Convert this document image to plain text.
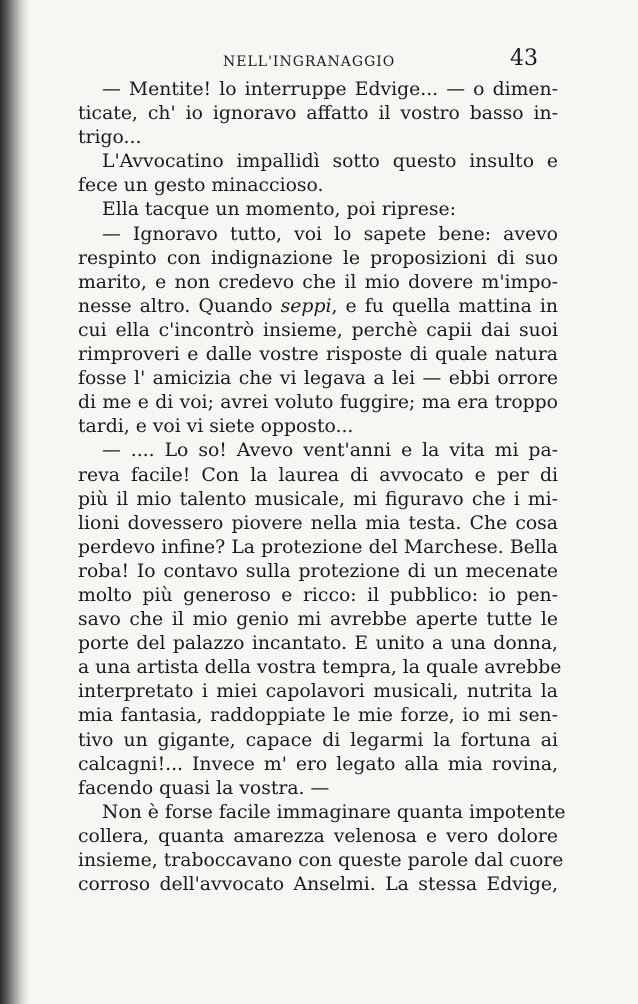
NELL'INGRANAGGIO	43
— Mentite! lo interruppe Edvige... — o dimen-
ticate, ch' io ignoravo affatto il vostro basso in-
trigo...
L'Avvocatino impallidì sotto questo insulto e
fece un gesto minaccioso.
Ella tacque un momento, poi riprese:
— Ignoravo tutto, voi lo sapete bene: avevo
respinto con indignazione le proposizioni di suo
marito, e non credevo che il mio dovere m'impo-
nesse altro. Quando seppi, e fu quella mattina in
cui ella c'incontrò insieme, perchè capii dai suoi
rimproveri e dalle vostre risposte di quale natura
fosse l' amicizia che vi legava a lei — ebbi orrore
di me e di voi; avrei voluto fuggire; ma era troppo
tardi, e voi vi siete opposto...
— .... Lo so! Avevo vent'anni e la vita mi pa-
reva facile! Con la laurea di avvocato e per di
più il mio talento musicale, mi figuravo che i mi-
lioni dovessero piovere nella mia testa. Che cosa
perdevo infine? La protezione del Marchese. Bella
roba! Io contavo sulla protezione di un mecenate
molto più generoso e ricco: il pubblico: io pen-
savo che il mio genio mi avrebbe aperte tutte le
porte del palazzo incantato. E unito a una donna,
a una artista della vostra tempra, la quale avrebbe
interpretato i miei capolavori musicali, nutrita la
mia fantasia, raddoppiate le mie forze, io mi sen-
tivo un gigante, capace di legarmi la fortuna ai
calcagni!... Invece m' ero legato alla mia rovina,
facendo quasi la vostra. —
Non è forse facile immaginare quanta impotente
collera, quanta amarezza velenosa e vero dolore
insieme, traboccavano con queste parole dal cuore
corroso dell'avvocato Anselmi. La stessa Edvige,
